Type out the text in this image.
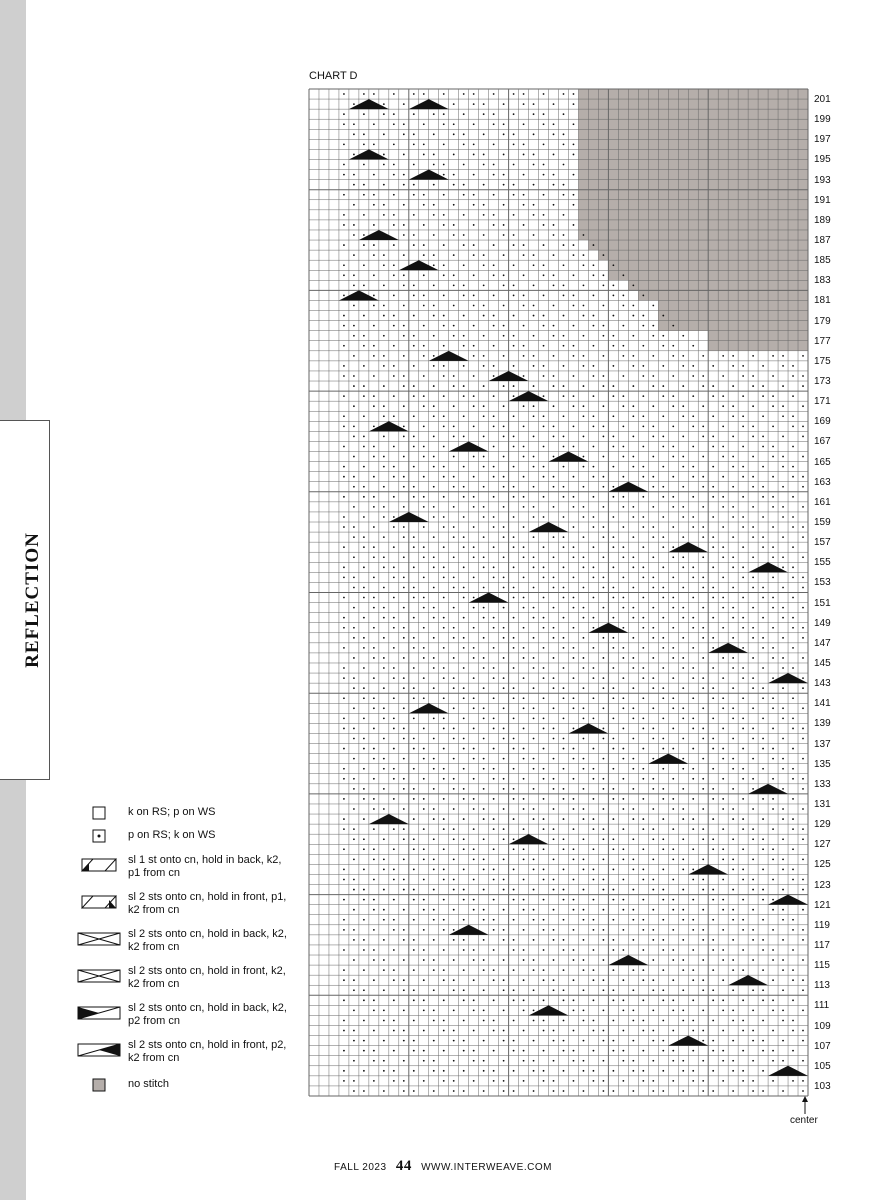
REFLECTION
CHART D
201
199
197
195
193
191
189
187
185
183
181
179
177
175
173
171
169
167
165
163
161
159
157
155
153
151
149
147
145
143
141
139
137
135
133
131
129
127
125
123
121
119
117
115
113
111
109
107
105
103
center
k on RS; p on WS
p on RS; k on WS
sl 1 st onto cn, hold in back, k2, p1 from cn
sl 2 sts onto cn, hold in front, p1, k2 from cn
sl 2 sts onto cn, hold in back, k2, k2 from cn
sl 2 sts onto cn, hold in front, k2, k2 from cn
sl 2 sts onto cn, hold in back, k2, p2 from cn
sl 2 sts onto cn, hold in front, p2, k2 from cn
no stitch
FALL 2023 44 WWW.INTERWEAVE.COM
